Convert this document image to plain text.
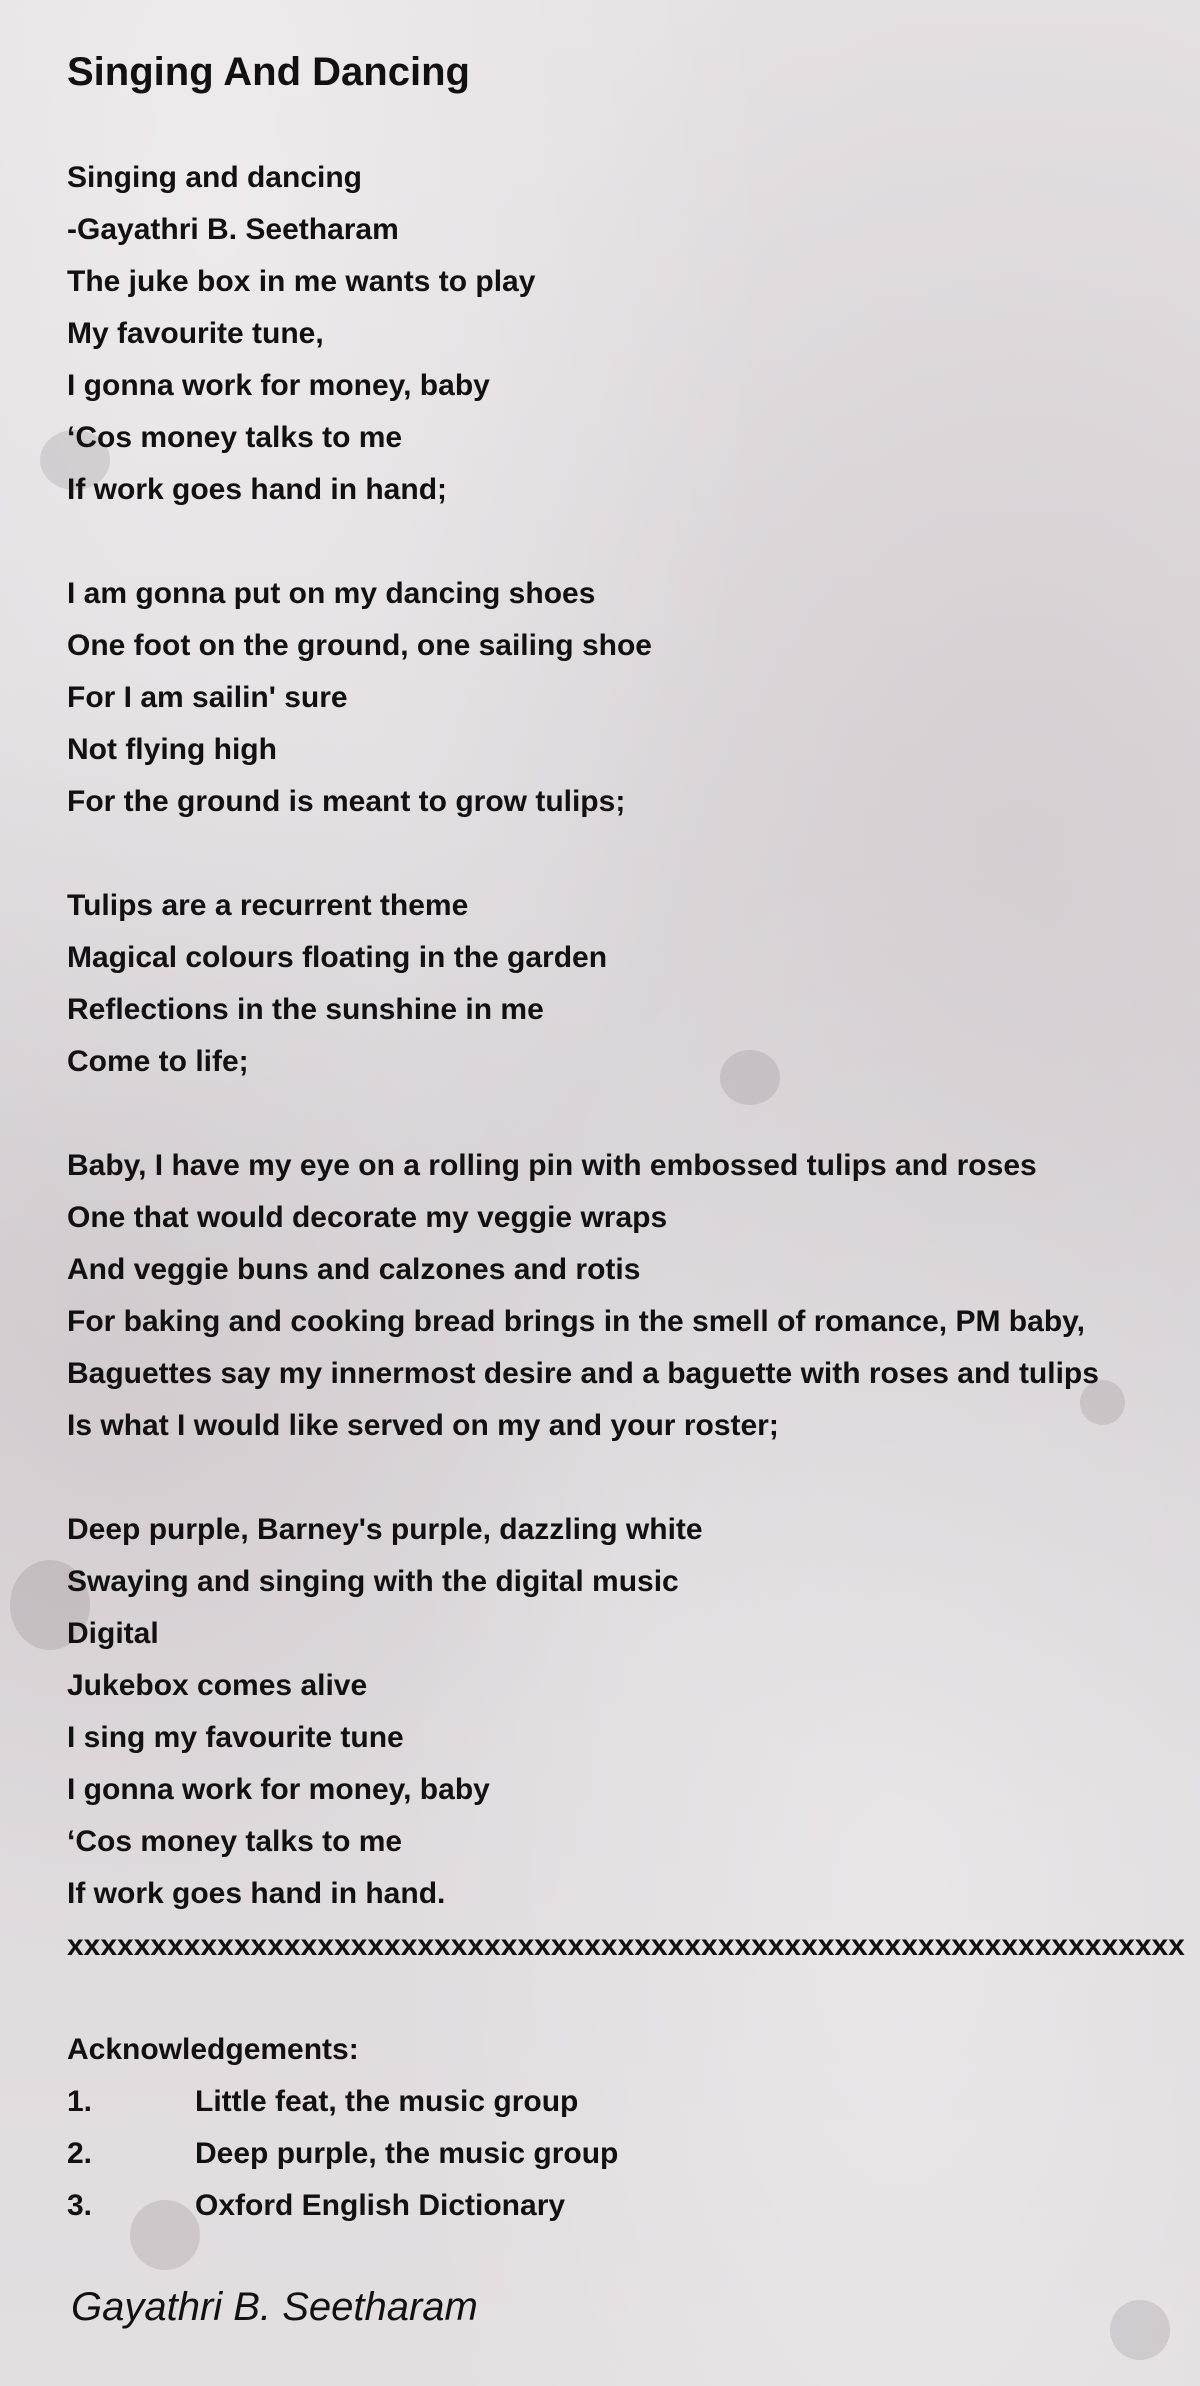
Singing And Dancing
Singing and dancing
-Gayathri B. Seetharam
The juke box in me wants to play
My favourite tune,
I gonna work for money, baby
‘Cos money talks to me
If work goes hand in hand;
I am gonna put on my dancing shoes
One foot on the ground, one sailing shoe
For I am sailin' sure
Not flying high
For the ground is meant to grow tulips;
Tulips are a recurrent theme
Magical colours floating in the garden
Reflections in the sunshine in me
Come to life;
Baby, I have my eye on a rolling pin with embossed tulips and roses
One that would decorate my veggie wraps
And veggie buns and calzones and rotis
For baking and cooking bread brings in the smell of romance, PM baby,
Baguettes say my innermost desire and a baguette with roses and tulips
Is what I would like served on my and your roster;
Deep purple, Barney's purple, dazzling white
Swaying and singing with the digital music
Digital
Jukebox comes alive
I sing my favourite tune
I gonna work for money, baby
‘Cos money talks to me
If work goes hand in hand.
xxxxxxxxxxxxxxxxxxxxxxxxxxxxxxxxxxxxxxxxxxxxxxxxxxxxxxxxxxxxxxxxxxx
Acknowledgements:
1.	Little feat, the music group
2.	Deep purple, the music group
3.	Oxford English Dictionary
Gayathri B. Seetharam
